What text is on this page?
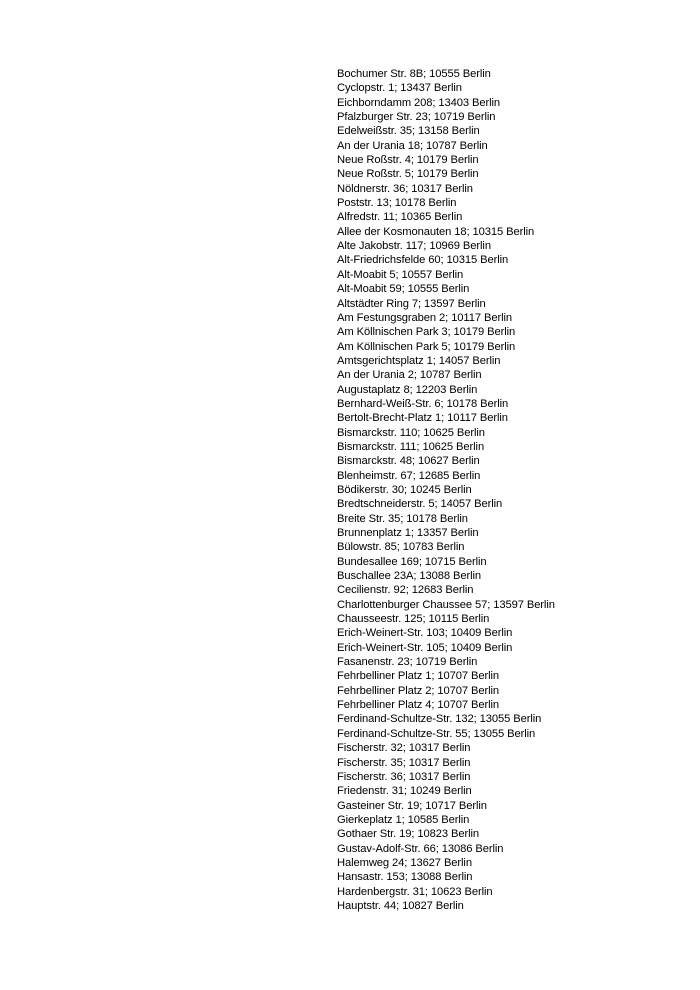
Bochumer Str. 8B; 10555 Berlin
Cyclopstr. 1; 13437 Berlin
Eichborndamm 208; 13403 Berlin
Pfalzburger Str. 23; 10719 Berlin
Edelweißstr. 35; 13158 Berlin
An der Urania 18; 10787 Berlin
Neue Roßstr. 4; 10179 Berlin
Neue Roßstr. 5; 10179 Berlin
Nöldnerstr. 36; 10317 Berlin
Poststr. 13; 10178 Berlin
Alfredstr. 11; 10365 Berlin
Allee der Kosmonauten 18; 10315 Berlin
Alte Jakobstr. 117; 10969 Berlin
Alt-Friedrichsfelde 60; 10315 Berlin
Alt-Moabit 5; 10557 Berlin
Alt-Moabit 59; 10555 Berlin
Altstädter Ring 7; 13597 Berlin
Am Festungsgraben 2; 10117 Berlin
Am Köllnischen Park 3; 10179 Berlin
Am Köllnischen Park 5; 10179 Berlin
Amtsgerichtsplatz 1; 14057 Berlin
An der Urania 2; 10787 Berlin
Augustaplatz 8; 12203 Berlin
Bernhard-Weiß-Str. 6; 10178 Berlin
Bertolt-Brecht-Platz 1; 10117 Berlin
Bismarckstr. 110; 10625 Berlin
Bismarckstr. 111; 10625 Berlin
Bismarckstr. 48; 10627 Berlin
Blenheimstr. 67; 12685 Berlin
Bödikerstr. 30; 10245 Berlin
Bredtschneiderstr. 5; 14057 Berlin
Breite Str. 35; 10178 Berlin
Brunnenplatz 1; 13357 Berlin
Bülowstr. 85; 10783 Berlin
Bundesallee 169; 10715 Berlin
Buschallee 23A; 13088 Berlin
Cecilienstr. 92; 12683 Berlin
Charlottenburger Chaussee 57; 13597 Berlin
Chausseestr. 125; 10115 Berlin
Erich-Weinert-Str. 103; 10409 Berlin
Erich-Weinert-Str. 105; 10409 Berlin
Fasanenstr. 23; 10719 Berlin
Fehrbelliner Platz 1; 10707 Berlin
Fehrbelliner Platz 2; 10707 Berlin
Fehrbelliner Platz 4; 10707 Berlin
Ferdinand-Schultze-Str. 132; 13055 Berlin
Ferdinand-Schultze-Str. 55; 13055 Berlin
Fischerstr. 32; 10317 Berlin
Fischerstr. 35; 10317 Berlin
Fischerstr. 36; 10317 Berlin
Friedenstr. 31; 10249 Berlin
Gasteiner Str. 19; 10717 Berlin
Gierkeplatz 1; 10585 Berlin
Gothaer Str. 19; 10823 Berlin
Gustav-Adolf-Str. 66; 13086 Berlin
Halemweg 24; 13627 Berlin
Hansastr. 153; 13088 Berlin
Hardenbergstr. 31; 10623 Berlin
Hauptstr. 44; 10827 Berlin
